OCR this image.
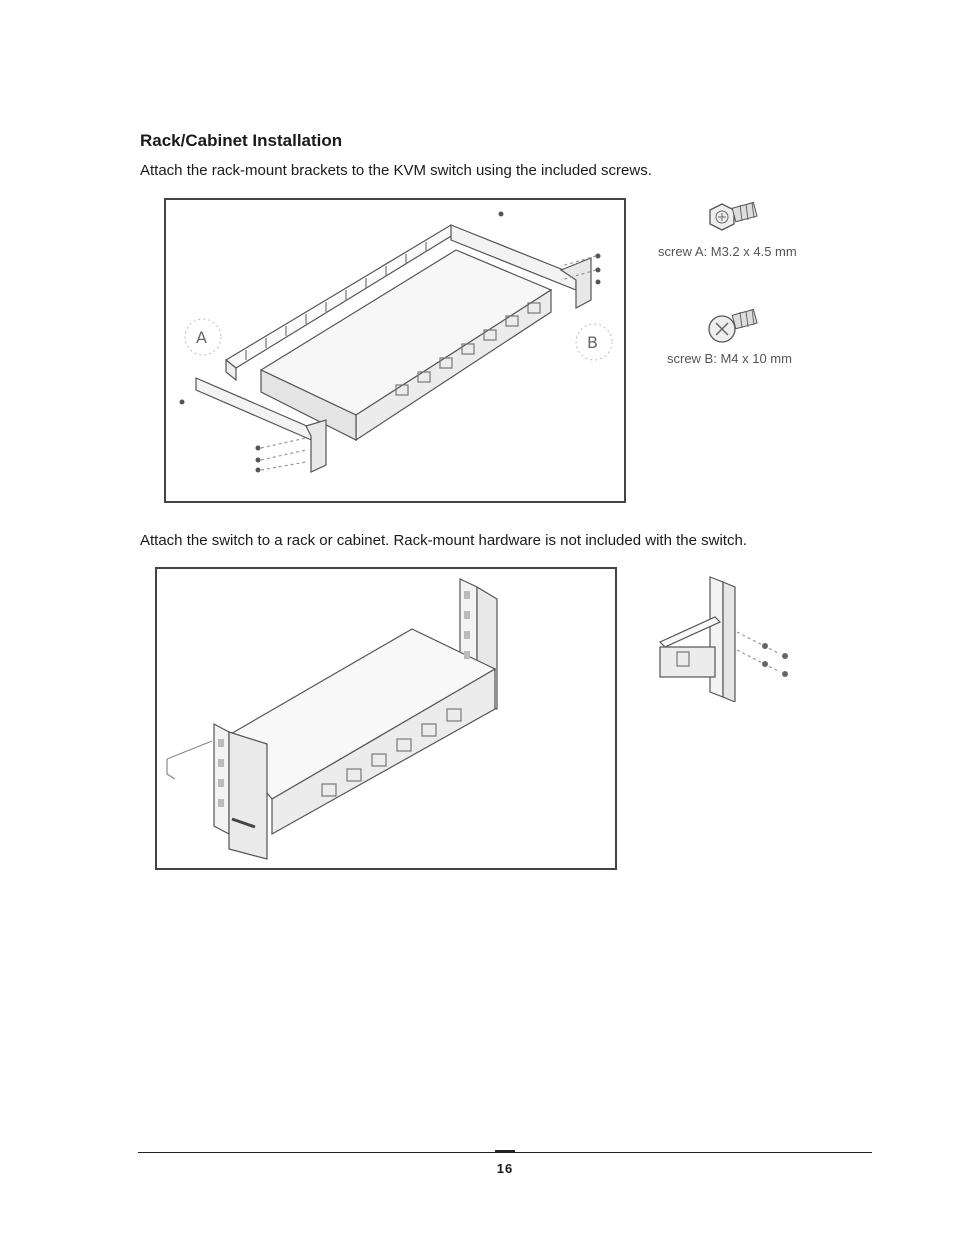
Rack/Cabinet Installation

Attach the rack-mount brackets to the KVM switch using the included screws.

A	B
screw A: M3.2 x 4.5 mm
screw B: M4 x 10 mm

Attach the switch to a rack or cabinet. Rack-mount hardware is not included with the switch.

16
